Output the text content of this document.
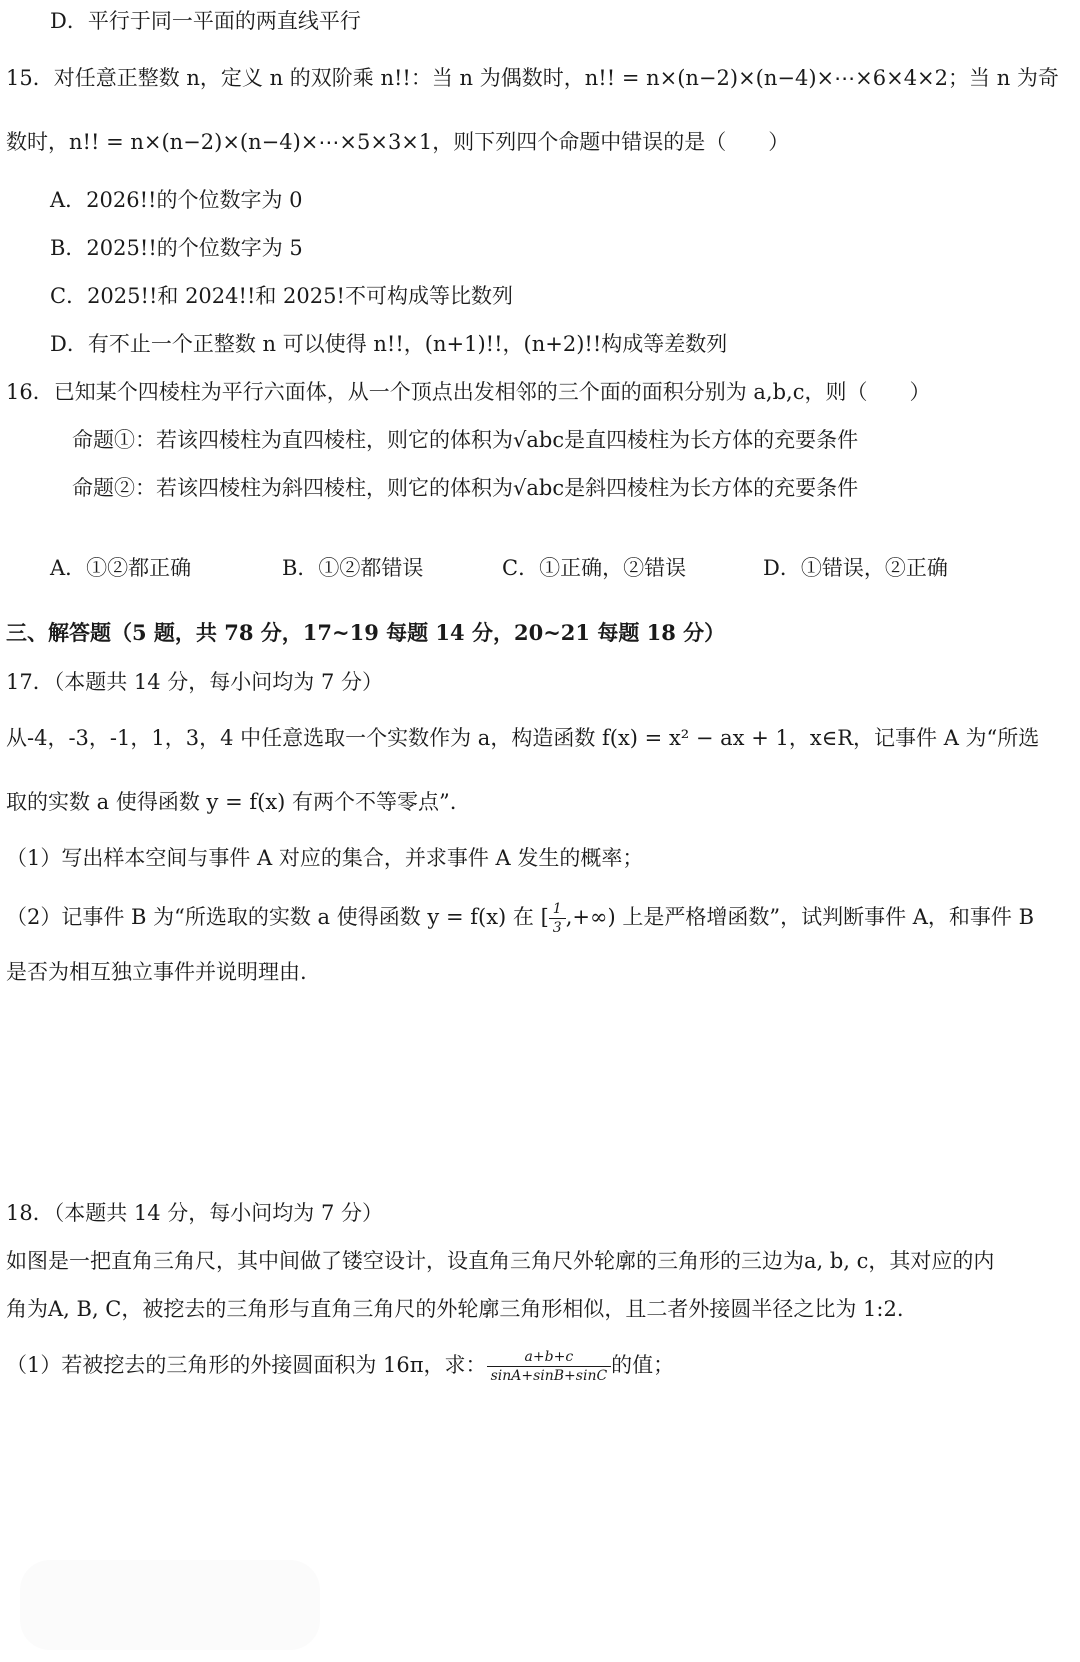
D．平行于同一平面的两直线平行
15．对任意正整数 n，定义 n 的双阶乘 n!!：当 n 为偶数时，n!! = n×(n−2)×(n−4)×⋯×6×4×2；当 n 为奇
数时，n!! = n×(n−2)×(n−4)×⋯×5×3×1，则下列四个命题中错误的是（　　）
A．2026!!的个位数字为 0
B．2025!!的个位数字为 5
C．2025!!和 2024!!和 2025!不可构成等比数列
D．有不止一个正整数 n 可以使得 n!!，(n+1)!!，(n+2)!!构成等差数列
16．已知某个四棱柱为平行六面体，从一个顶点出发相邻的三个面的面积分别为 a,b,c，则（　　）
命题①：若该四棱柱为直四棱柱，则它的体积为√abc是直四棱柱为长方体的充要条件
命题②：若该四棱柱为斜四棱柱，则它的体积为√abc是斜四棱柱为长方体的充要条件
A．①②都正确	B．①②都错误	C．①正确，②错误	D．①错误，②正确
三、解答题（5 题，共 78 分，17~19 每题 14 分，20~21 每题 18 分）
17．（本题共 14 分，每小问均为 7 分）
从-4，-3，-1，1，3，4 中任意选取一个实数作为 a，构造函数 f(x) = x² − ax + 1，x∈R，记事件 A 为“所选
取的实数 a 使得函数 y = f(x) 有两个不等零点”.
（1）写出样本空间与事件 A 对应的集合，并求事件 A 发生的概率；
（2）记事件 B 为“所选取的实数 a 使得函数 y = f(x) 在 [ $\frac{1}{3}$ ,+∞) 上是严格增函数”，试判断事件 A，和事件 B
是否为相互独立事件并说明理由.
18．（本题共 14 分，每小问均为 7 分）
如图是一把直角三角尺，其中间做了镂空设计，设直角三角尺外轮廓的三角形的三边为a, b, c，其对应的内
角为A, B, C，被挖去的三角形与直角三角尺的外轮廓三角形相似，且二者外接圆半径之比为 1:2.
（1）若被挖去的三角形的外接圆面积为 16π，求： $\frac{a+b+c}{\sin A+\sin B+\sin C}$ 的值；
